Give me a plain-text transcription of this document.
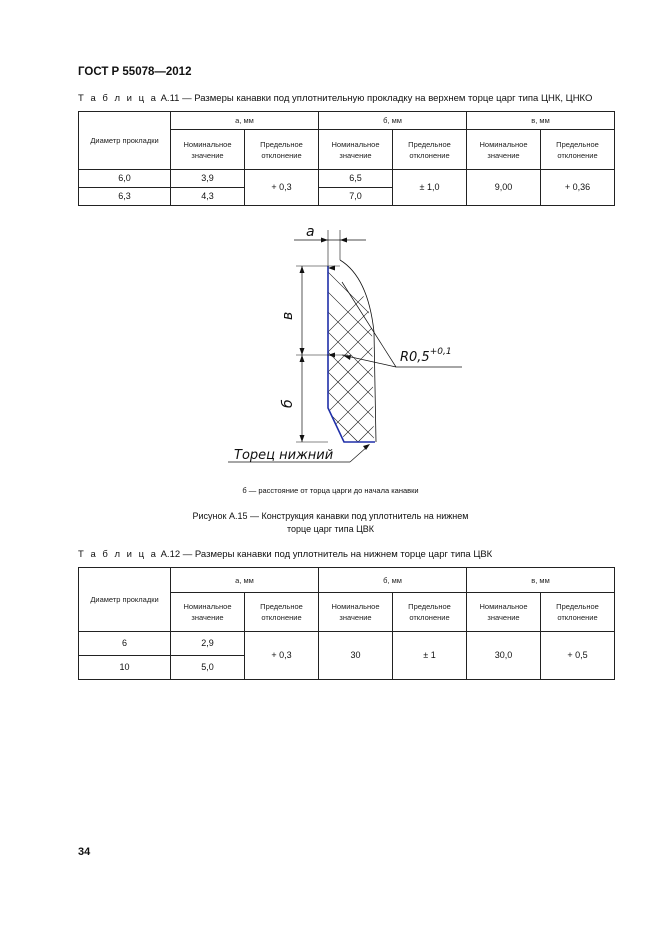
ГОСТ Р 55078—2012
Т а б л и ц а А.11 — Размеры канавки под уплотнительную прокладку на верхнем торце царг типа ЦНК, ЦНКО
Диаметр прокладки	а, мм		б, мм		в, мм	
	Номинальное значение	Предельное отклонение	Номинальное значение	Предельное отклонение	Номинальное значение	Предельное отклонение
6,0	3,9	+ 0,3	6,5	± 1,0	9,00	+ 0,36
6,3	4,3		7,0			
a
в
б
$R0,5^{+0,1}$
Торец нижний
б — расстояние от торца царги до начала канавки
Рисунок А.15 — Конструкция канавки под уплотнитель на нижнем
торце царг типа ЦВК
Т а б л и ц а А.12 — Размеры канавки под уплотнитель на нижнем торце царг типа ЦВК
Диаметр прокладки	а, мм		б, мм		в, мм	
	Номинальное значение	Предельное отклонение	Номинальное значение	Предельное отклонение	Номинальное значение	Предельное отклонение
6	2,9	+ 0,3	30	± 1	30,0	+ 0,5
10	5,0					
34
